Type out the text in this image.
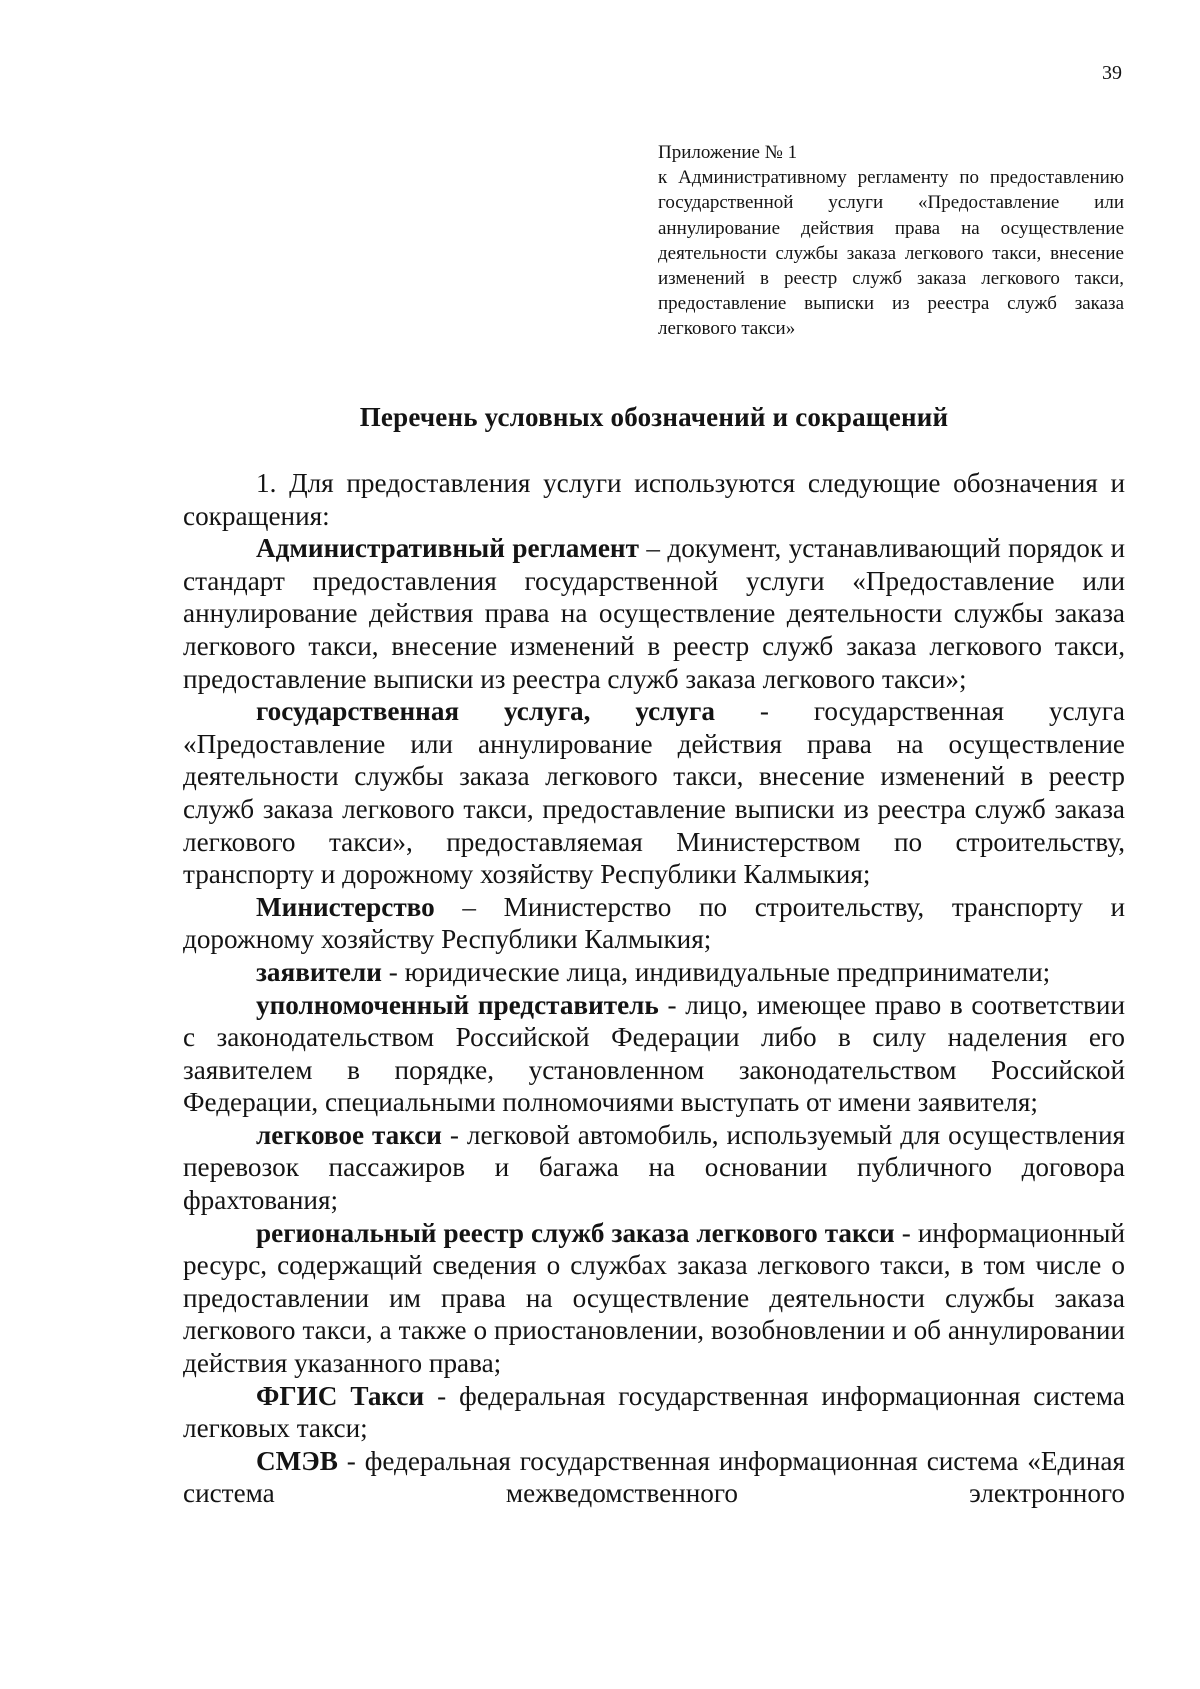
39
Приложение № 1
к Административному регламенту по предоставлению государственной услуги «Предоставление или аннулирование действия права на осуществление деятельности службы заказа легкового такси, внесение изменений в реестр служб заказа легкового такси, предоставление выписки из реестра служб заказа легкового такси»
Перечень условных обозначений и сокращений

1. Для предоставления услуги используются следующие обозначения и сокращения:

Административный регламент – документ, устанавливающий порядок и стандарт предоставления государственной услуги «Предоставление или аннулирование действия права на осуществление деятельности службы заказа легкового такси, внесение изменений в реестр служб заказа легкового такси, предоставление выписки из реестра служб заказа легкового такси»;

государственная услуга, услуга - государственная услуга «Предоставление или аннулирование действия права на осуществление деятельности службы заказа легкового такси, внесение изменений в реестр служб заказа легкового такси, предоставление выписки из реестра служб заказа легкового такси», предоставляемая Министерством по строительству, транспорту и дорожному хозяйству Республики Калмыкия;

Министерство – Министерство по строительству, транспорту и дорожному хозяйству Республики Калмыкия;

заявители - юридические лица, индивидуальные предприниматели;

уполномоченный представитель - лицо, имеющее право в соответствии с законодательством Российской Федерации либо в силу наделения его заявителем в порядке, установленном законодательством Российской Федерации, специальными полномочиями выступать от имени заявителя;

легковое такси - легковой автомобиль, используемый для осуществления перевозок пассажиров и багажа на основании публичного договора фрахтования;

региональный реестр служб заказа легкового такси - информационный ресурс, содержащий сведения о службах заказа легкового такси, в том числе о предоставлении им права на осуществление деятельности службы заказа легкового такси, а также о приостановлении, возобновлении и об аннулировании действия указанного права;

ФГИС Такси - федеральная государственная информационная система легковых такси;

СМЭВ - федеральная государственная информационная система «Единая система межведомственного электронного
